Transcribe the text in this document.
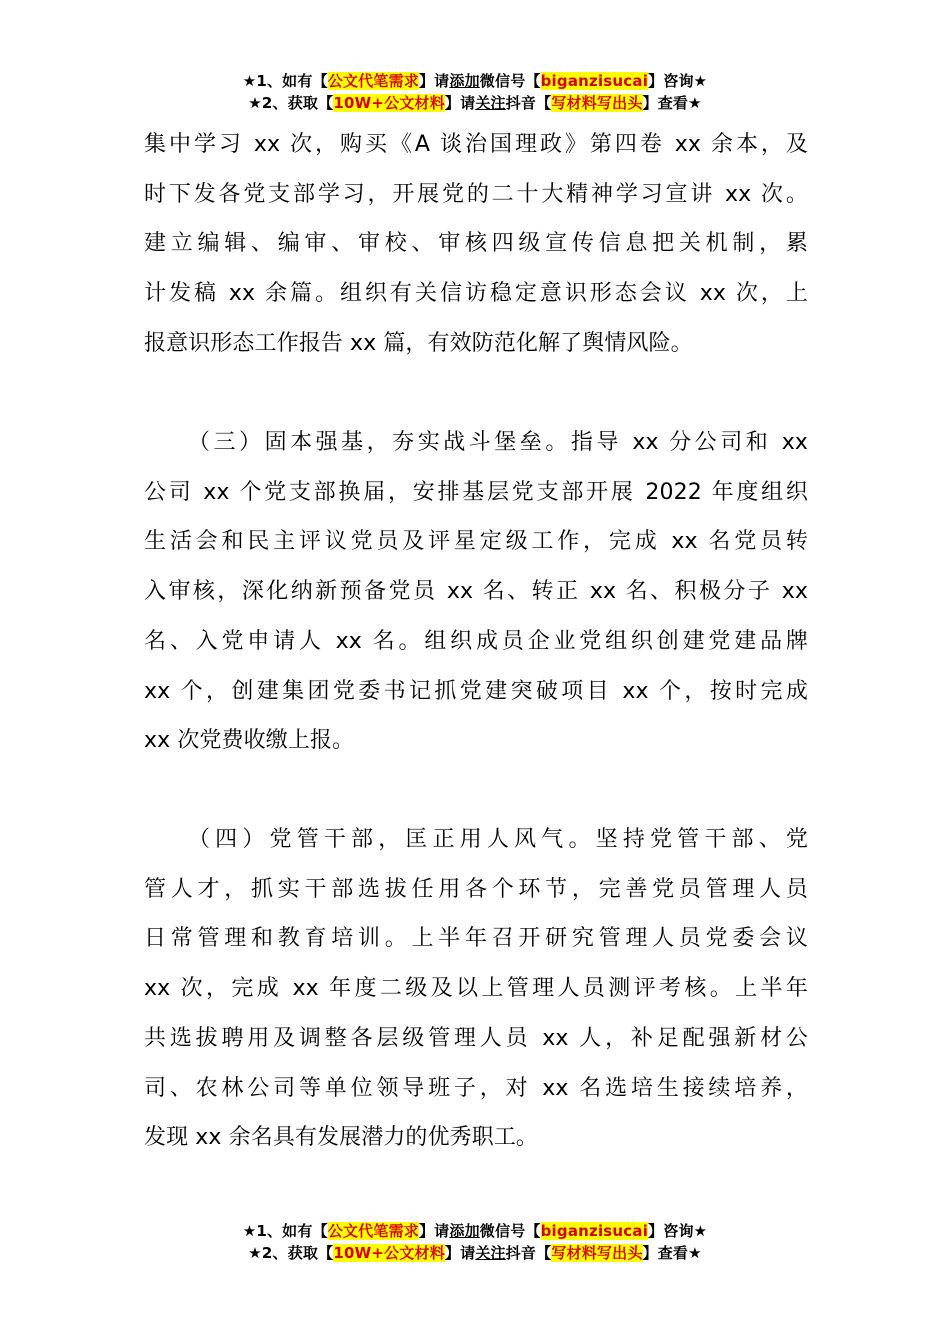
★1、如有【公文代笔需求】请添加微信号【biganzisucai】咨询★
★2、获取【10W+公文材料】请关注抖音【写材料写出头】查看★
集中学习 xx 次，购买《A 谈治国理政》第四卷 xx 余本，及
时下发各党支部学习，开展党的二十大精神学习宣讲 xx 次。
建立编辑、编审、审校、审核四级宣传信息把关机制，累
计发稿 xx 余篇。组织有关信访稳定意识形态会议 xx 次，上
报意识形态工作报告 xx 篇，有效防范化解了舆情风险。
（三）固本强基，夯实战斗堡垒。指导 xx 分公司和 xx
公司 xx 个党支部换届，安排基层党支部开展 2022 年度组织
生活会和民主评议党员及评星定级工作，完成 xx 名党员转
入审核，深化纳新预备党员 xx 名、转正 xx 名、积极分子 xx
名、入党申请人 xx 名。组织成员企业党组织创建党建品牌
xx 个，创建集团党委书记抓党建突破项目 xx 个，按时完成
xx 次党费收缴上报。
（四）党管干部，匡正用人风气。坚持党管干部、党
管人才，抓实干部选拔任用各个环节，完善党员管理人员
日常管理和教育培训。上半年召开研究管理人员党委会议
xx 次，完成 xx 年度二级及以上管理人员测评考核。上半年
共选拔聘用及调整各层级管理人员 xx 人，补足配强新材公
司、农林公司等单位领导班子，对 xx 名选培生接续培养，
发现 xx 余名具有发展潜力的优秀职工。
★1、如有【公文代笔需求】请添加微信号【biganzisucai】咨询★
★2、获取【10W+公文材料】请关注抖音【写材料写出头】查看★
